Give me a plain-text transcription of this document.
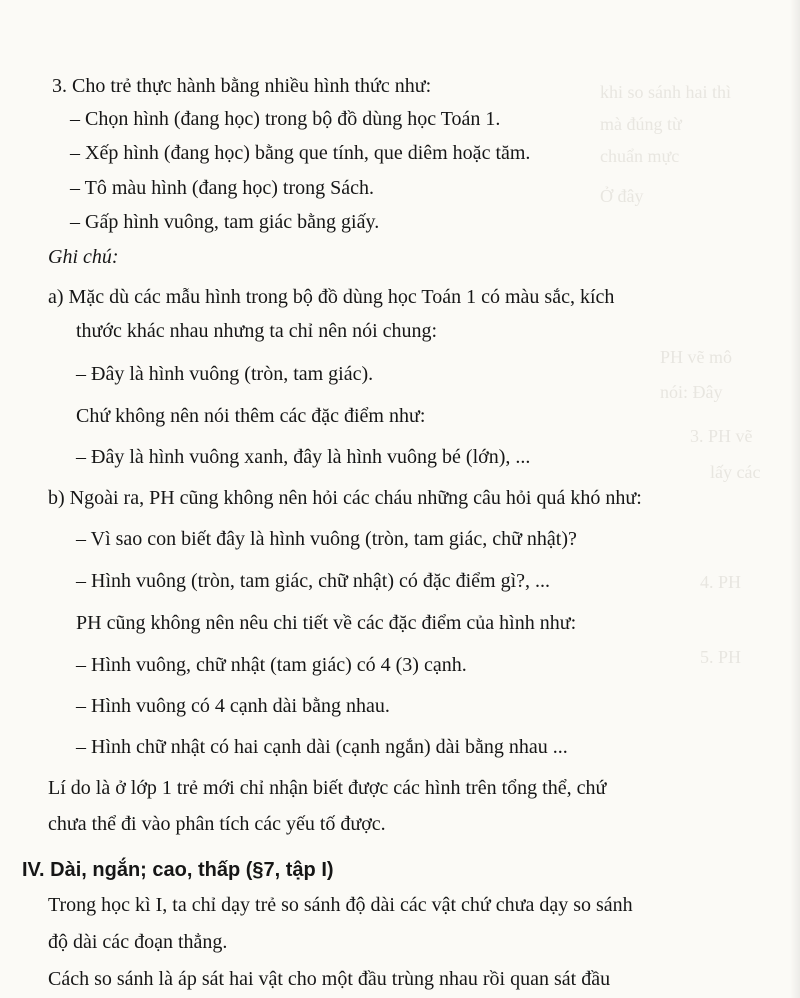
khi so sánh hai thì
mà đúng từ
chuẩn mực
Ở đây
PH vẽ mô
nói: Đây
3. PH vẽ
lấy các
4. PH
5. PH
3. Cho trẻ thực hành bằng nhiều hình thức như:
– Chọn hình (đang học) trong bộ đồ dùng học Toán 1.
– Xếp hình (đang học) bằng que tính, que diêm hoặc tăm.
– Tô màu hình (đang học) trong Sách.
– Gấp hình vuông, tam giác bằng giấy.
Ghi chú:
a) Mặc dù các mẫu hình trong bộ đồ dùng học Toán 1 có màu sắc, kích
thước khác nhau nhưng ta chỉ nên nói chung:
– Đây là hình vuông (tròn, tam giác).
Chứ không nên nói thêm các đặc điểm như:
– Đây là hình vuông xanh, đây là hình vuông bé (lớn), ...
b) Ngoài ra, PH cũng không nên hỏi các cháu những câu hỏi quá khó như:
– Vì sao con biết đây là hình vuông (tròn, tam giác, chữ nhật)?
– Hình vuông (tròn, tam giác, chữ nhật) có đặc điểm gì?, ...
PH cũng không nên nêu chi tiết về các đặc điểm của hình như:
– Hình vuông, chữ nhật (tam giác) có 4 (3) cạnh.
– Hình vuông có 4 cạnh dài bằng nhau.
– Hình chữ nhật có hai cạnh dài (cạnh ngắn) dài bằng nhau ...
Lí do là ở lớp 1 trẻ mới chỉ nhận biết được các hình trên tổng thể, chứ
chưa thể đi vào phân tích các yếu tố được.
IV. Dài, ngắn; cao, thấp (§7, tập I)
Trong học kì I, ta chỉ dạy trẻ so sánh độ dài các vật chứ chưa dạy so sánh
độ dài các đoạn thẳng.
Cách so sánh là áp sát hai vật cho một đầu trùng nhau rồi quan sát đầu
